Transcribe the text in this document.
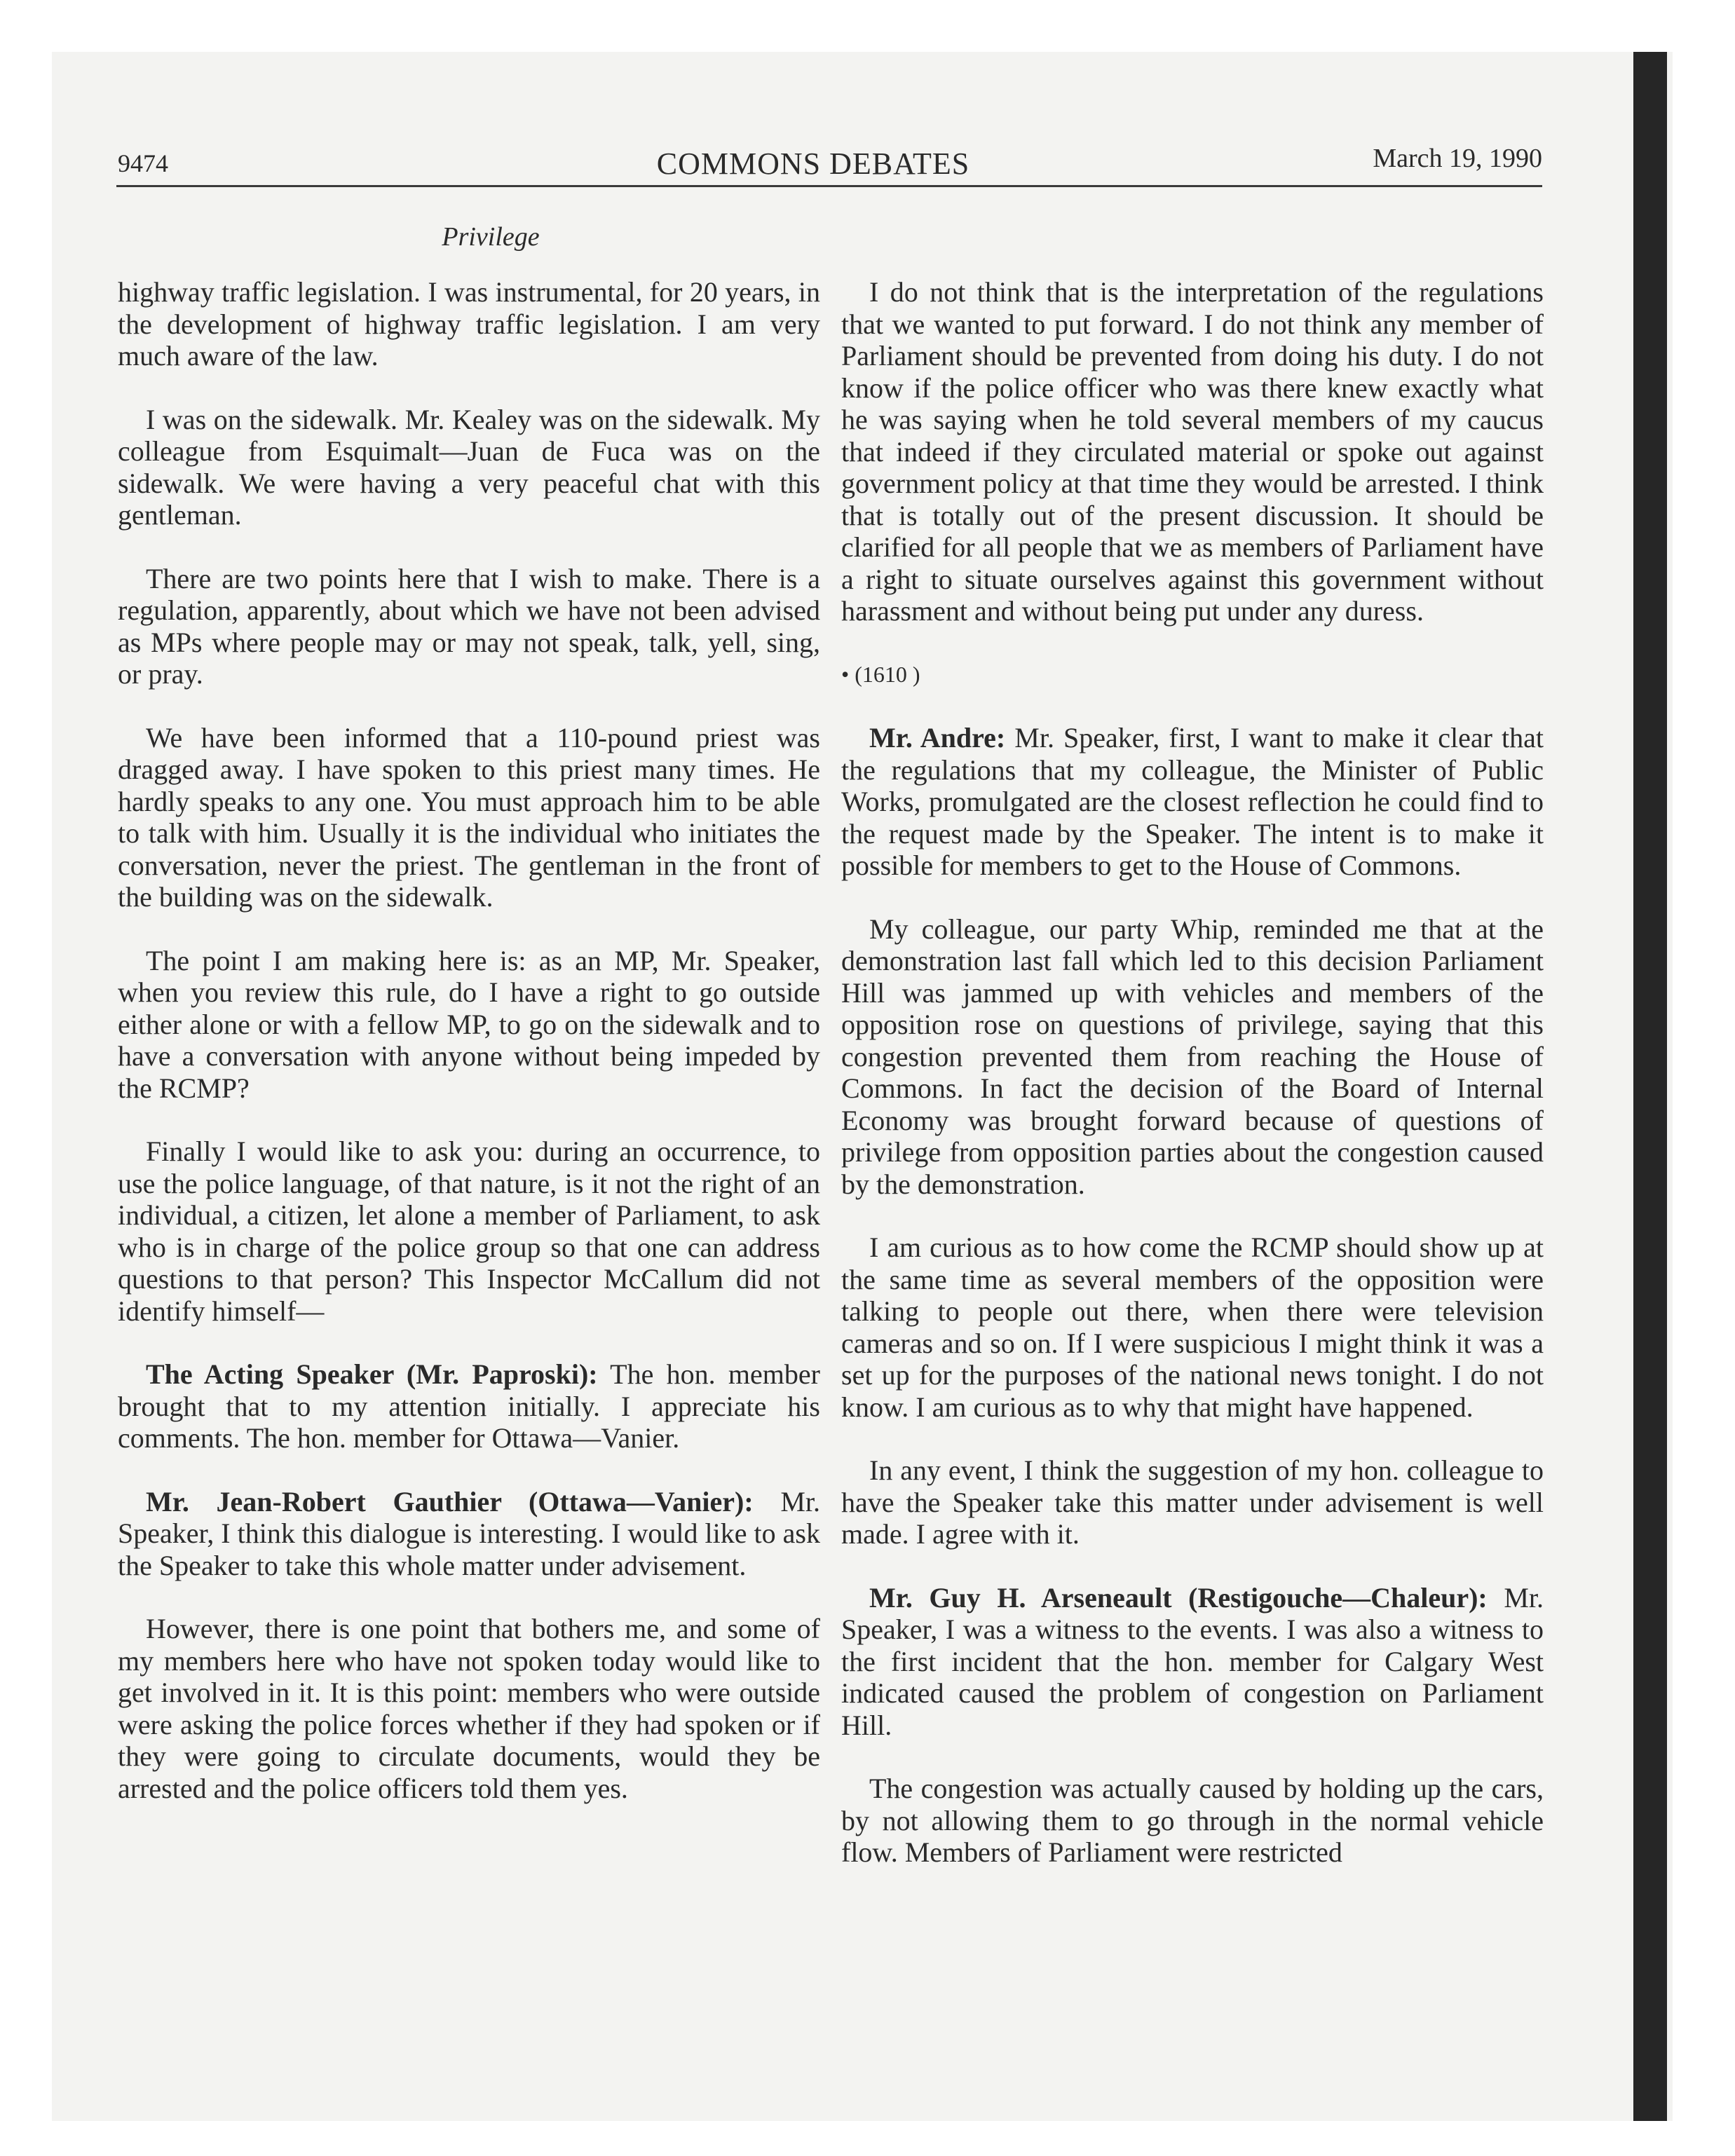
9474	COMMONS DEBATES	March 19, 1990
Privilege

highway traffic legislation. I was instrumental, for 20 years, in the development of highway traffic legislation. I am very much aware of the law.

I was on the sidewalk. Mr. Kealey was on the sidewalk. My colleague from Esquimalt—Juan de Fuca was on the sidewalk. We were having a very peaceful chat with this gentleman.

There are two points here that I wish to make. There is a regulation, apparently, about which we have not been advised as MPs where people may or may not speak, talk, yell, sing, or pray.

We have been informed that a 110-pound priest was dragged away. I have spoken to this priest many times. He hardly speaks to any one. You must approach him to be able to talk with him. Usually it is the individual who initiates the conversation, never the priest. The gentleman in the front of the building was on the sidewalk.

The point I am making here is: as an MP, Mr. Speaker, when you review this rule, do I have a right to go outside either alone or with a fellow MP, to go on the sidewalk and to have a conversation with anyone without being impeded by the RCMP?

Finally I would like to ask you: during an occurrence, to use the police language, of that nature, is it not the right of an individual, a citizen, let alone a member of Parliament, to ask who is in charge of the police group so that one can address questions to that person? This Inspector McCallum did not identify himself—

The Acting Speaker (Mr. Paproski): The hon. member brought that to my attention initially. I appreciate his comments. The hon. member for Ottawa—Vanier.

Mr. Jean-Robert Gauthier (Ottawa—Vanier): Mr. Speaker, I think this dialogue is interesting. I would like to ask the Speaker to take this whole matter under advisement.

However, there is one point that bothers me, and some of my members here who have not spoken today would like to get involved in it. It is this point: members who were outside were asking the police forces whether if they had spoken or if they were going to circulate documents, would they be arrested and the police officers told them yes.

I do not think that is the interpretation of the regulations that we wanted to put forward. I do not think any member of Parliament should be prevented from doing his duty. I do not know if the police officer who was there knew exactly what he was saying when he told several members of my caucus that indeed if they circulated material or spoke out against government policy at that time they would be arrested. I think that is totally out of the present discussion. It should be clarified for all people that we as members of Parliament have a right to situate ourselves against this government without harassment and without being put under any duress.

• (1610 )

Mr. Andre: Mr. Speaker, first, I want to make it clear that the regulations that my colleague, the Minister of Public Works, promulgated are the closest reflection he could find to the request made by the Speaker. The intent is to make it possible for members to get to the House of Commons.

My colleague, our party Whip, reminded me that at the demonstration last fall which led to this decision Parliament Hill was jammed up with vehicles and members of the opposition rose on questions of privilege, saying that this congestion prevented them from reaching the House of Commons. In fact the decision of the Board of Internal Economy was brought forward because of questions of privilege from opposition parties about the congestion caused by the demonstration.

I am curious as to how come the RCMP should show up at the same time as several members of the opposition were talking to people out there, when there were television cameras and so on. If I were suspicious I might think it was a set up for the purposes of the national news tonight. I do not know. I am curious as to why that might have happened.

In any event, I think the suggestion of my hon. colleague to have the Speaker take this matter under advisement is well made. I agree with it.

Mr. Guy H. Arseneault (Restigouche—Chaleur): Mr. Speaker, I was a witness to the events. I was also a witness to the first incident that the hon. member for Calgary West indicated caused the problem of congestion on Parliament Hill.

The congestion was actually caused by holding up the cars, by not allowing them to go through in the normal vehicle flow. Members of Parliament were restricted
